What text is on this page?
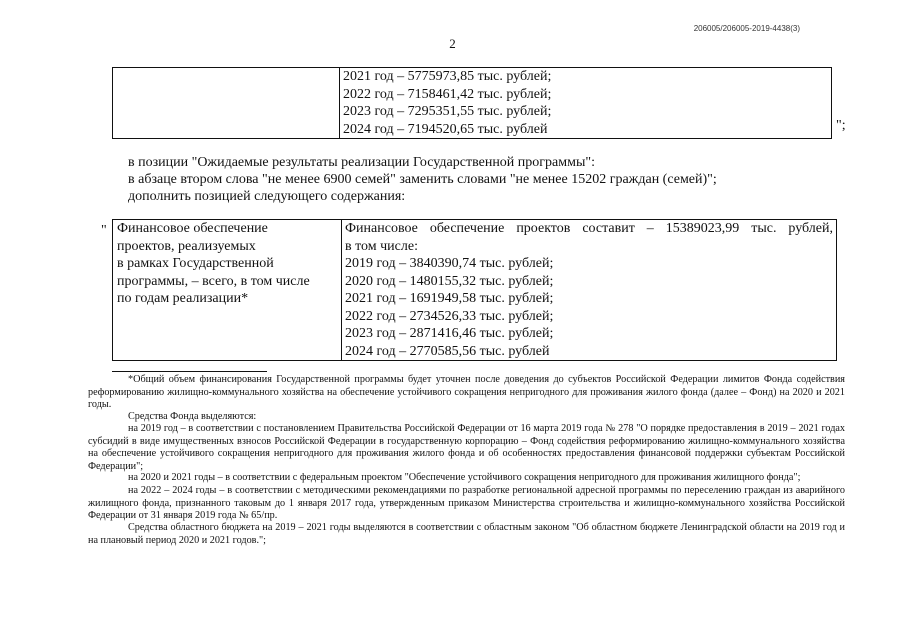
206005/206005-2019-4438(3)
2

2021 год – 5775973,85 тыс. рублей;
2022 год – 7158461,42 тыс. рублей;
2023 год – 7295351,55 тыс. рублей;
2024 год – 7194520,65 тыс. рублей	";
в позиции "Ожидаемые результаты реализации Государственной программы":
в абзаце втором слова "не менее 6900 семей" заменить словами "не менее 15202 граждан (семей)";
дополнить позицией следующего содержания:
" Финансовое обеспечение
проектов, реализуемых
в рамках Государственной
программы, – всего, в том числе
по годам реализации*

Финансовое обеспечение проектов составит – 15389023,99 тыс. рублей,
в том числе:
2019 год – 3840390,74 тыс. рублей;
2020 год – 1480155,32 тыс. рублей;
2021 год – 1691949,58 тыс. рублей;
2022 год – 2734526,33 тыс. рублей;
2023 год – 2871416,46 тыс. рублей;
2024 год – 2770585,56 тыс. рублей
*Общий объем финансирования Государственной программы будет уточнен после доведения до субъектов Российской Федерации лимитов Фонда содействия реформированию жилищно-коммунального хозяйства на обеспечение устойчивого сокращения непригодного для проживания жилого фонда (далее – Фонд) на 2020 и 2021 годы.
Средства Фонда выделяются:
на 2019 год – в соответствии с постановлением Правительства Российской Федерации от 16 марта 2019 года № 278 "О порядке предоставления в 2019 – 2021 годах субсидий в виде имущественных взносов Российской Федерации в государственную корпорацию – Фонд содействия реформированию жилищно-коммунального хозяйства на обеспечение устойчивого сокращения непригодного для проживания жилого фонда и об особенностях предоставления финансовой поддержки субъектам Российской Федерации";
на 2020 и 2021 годы – в соответствии с федеральным проектом "Обеспечение устойчивого сокращения непригодного для проживания жилищного фонда";
на 2022 – 2024 годы – в соответствии с методическими рекомендациями по разработке региональной адресной программы по переселению граждан из аварийного жилищного фонда, признанного таковым до 1 января 2017 года, утвержденным приказом Министерства строительства и жилищно-коммунального хозяйства Российской Федерации от 31 января 2019 года № 65/пр.
Средства областного бюджета на 2019 – 2021 годы выделяются в соответствии с областным законом "Об областном бюджете Ленинградской области на 2019 год и на плановый период 2020 и 2021 годов.";
